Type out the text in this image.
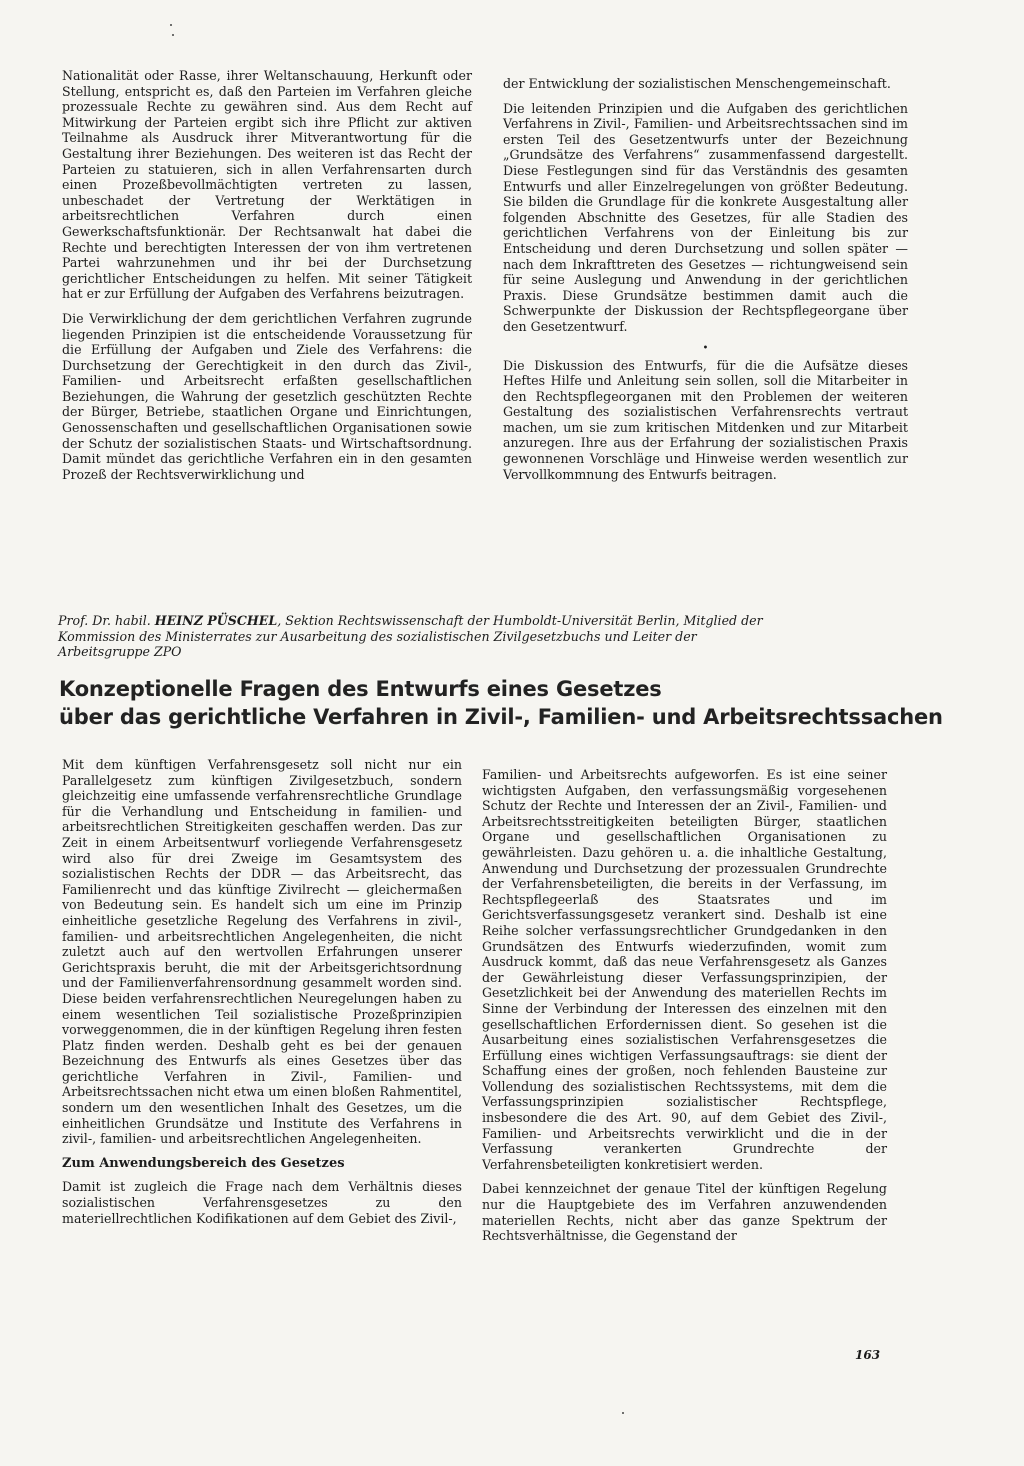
Nationalität oder Rasse, ihrer Weltanschauung, Herkunft oder Stellung, entspricht es, daß den Parteien im Verfahren gleiche prozessuale Rechte zu gewähren sind. Aus dem Recht auf Mitwirkung der Parteien ergibt sich ihre Pflicht zur aktiven Teilnahme als Ausdruck ihrer Mitverantwortung für die Gestaltung ihrer Beziehungen. Des weiteren ist das Recht der Parteien zu statuieren, sich in allen Verfahrensarten durch einen Prozeßbevollmächtigten vertreten zu lassen, unbeschadet der Vertretung der Werktätigen in arbeitsrechtlichen Verfahren durch einen Gewerkschaftsfunktionär. Der Rechtsanwalt hat dabei die Rechte und berechtigten Interessen der von ihm vertretenen Partei wahrzunehmen und ihr bei der Durchsetzung gerichtlicher Entscheidungen zu helfen. Mit seiner Tätigkeit hat er zur Erfüllung der Aufgaben des Verfahrens beizutragen.

Die Verwirklichung der dem gerichtlichen Verfahren zugrunde liegenden Prinzipien ist die entscheidende Voraussetzung für die Erfüllung der Aufgaben und Ziele des Verfahrens: die Durchsetzung der Gerechtigkeit in den durch das Zivil-, Familien- und Arbeitsrecht erfaßten gesellschaftlichen Beziehungen, die Wahrung der gesetzlich geschützten Rechte der Bürger, Betriebe, staatlichen Organe und Einrichtungen, Genossenschaften und gesellschaftlichen Organisationen sowie der Schutz der sozialistischen Staats- und Wirtschaftsordnung. Damit mündet das gerichtliche Verfahren ein in den gesamten Prozeß der Rechtsverwirklichung und

der Entwicklung der sozialistischen Menschengemeinschaft.

Die leitenden Prinzipien und die Aufgaben des gerichtlichen Verfahrens in Zivil-, Familien- und Arbeitsrechtssachen sind im ersten Teil des Gesetzentwurfs unter der Bezeichnung „Grundsätze des Verfahrens“ zusammenfassend dargestellt. Diese Festlegungen sind für das Verständnis des gesamten Entwurfs und aller Einzelregelungen von größter Bedeutung. Sie bilden die Grundlage für die konkrete Ausgestaltung aller folgenden Abschnitte des Gesetzes, für alle Stadien des gerichtlichen Verfahrens von der Einleitung bis zur Entscheidung und deren Durchsetzung und sollen später — nach dem Inkrafttreten des Gesetzes — richtungweisend sein für seine Auslegung und Anwendung in der gerichtlichen Praxis. Diese Grundsätze bestimmen damit auch die Schwerpunkte der Diskussion der Rechtspflegeorgane über den Gesetzentwurf.

•

Die Diskussion des Entwurfs, für die die Aufsätze dieses Heftes Hilfe und Anleitung sein sollen, soll die Mitarbeiter in den Rechtspflegeorganen mit den Problemen der weiteren Gestaltung des sozialistischen Verfahrensrechts vertraut machen, um sie zum kritischen Mitdenken und zur Mitarbeit anzuregen. Ihre aus der Erfahrung der sozialistischen Praxis gewonnenen Vorschläge und Hinweise werden wesentlich zur Vervollkommnung des Entwurfs beitragen.

Prof. Dr. habil. HEINZ PÜSCHEL, Sektion Rechtswissenschaft der Humboldt-Universität Berlin, Mitglied der Kommission des Ministerrates zur Ausarbeitung des sozialistischen Zivilgesetzbuchs und Leiter der Arbeitsgruppe ZPO
Konzeptionelle Fragen des Entwurfs eines Gesetzes
über das gerichtliche Verfahren in Zivil-, Familien- und Arbeitsrechtssachen

Mit dem künftigen Verfahrensgesetz soll nicht nur ein Parallelgesetz zum künftigen Zivilgesetzbuch, sondern gleichzeitig eine umfassende verfahrensrechtliche Grundlage für die Verhandlung und Entscheidung in familien- und arbeitsrechtlichen Streitigkeiten geschaffen werden. Das zur Zeit in einem Arbeitsentwurf vorliegende Verfahrensgesetz wird also für drei Zweige im Gesamtsystem des sozialistischen Rechts der DDR — das Arbeitsrecht, das Familienrecht und das künftige Zivilrecht — gleichermaßen von Bedeutung sein. Es handelt sich um eine im Prinzip einheitliche gesetzliche Regelung des Verfahrens in zivil-, familien- und arbeitsrechtlichen Angelegenheiten, die nicht zuletzt auch auf den wertvollen Erfahrungen unserer Gerichtspraxis beruht, die mit der Arbeitsgerichtsordnung und der Familienverfahrensordnung gesammelt worden sind. Diese beiden verfahrensrechtlichen Neuregelungen haben zu einem wesentlichen Teil sozialistische Prozeßprinzipien vorweggenommen, die in der künftigen Regelung ihren festen Platz finden werden. Deshalb geht es bei der genauen Bezeichnung des Entwurfs als eines Gesetzes über das gerichtliche Verfahren in Zivil-, Familien- und Arbeitsrechtssachen nicht etwa um einen bloßen Rahmentitel, sondern um den wesentlichen Inhalt des Gesetzes, um die einheitlichen Grundsätze und Institute des Verfahrens in zivil-, familien- und arbeitsrechtlichen Angelegenheiten.

Zum Anwendungsbereich des Gesetzes

Damit ist zugleich die Frage nach dem Verhältnis dieses sozialistischen Verfahrensgesetzes zu den materiellrechtlichen Kodifikationen auf dem Gebiet des Zivil-,

Familien- und Arbeitsrechts aufgeworfen. Es ist eine seiner wichtigsten Aufgaben, den verfassungsmäßig vorgesehenen Schutz der Rechte und Interessen der an Zivil-, Familien- und Arbeitsrechtsstreitigkeiten beteiligten Bürger, staatlichen Organe und gesellschaftlichen Organisationen zu gewährleisten. Dazu gehören u. a. die inhaltliche Gestaltung, Anwendung und Durchsetzung der prozessualen Grundrechte der Verfahrensbeteiligten, die bereits in der Verfassung, im Rechtspflegeerlaß des Staatsrates und im Gerichtsverfassungsgesetz verankert sind. Deshalb ist eine Reihe solcher verfassungsrechtlicher Grundgedanken in den Grundsätzen des Entwurfs wiederzufinden, womit zum Ausdruck kommt, daß das neue Verfahrensgesetz als Ganzes der Gewährleistung dieser Verfassungsprinzipien, der Gesetzlichkeit bei der Anwendung des materiellen Rechts im Sinne der Verbindung der Interessen des einzelnen mit den gesellschaftlichen Erfordernissen dient. So gesehen ist die Ausarbeitung eines sozialistischen Verfahrensgesetzes die Erfüllung eines wichtigen Verfassungsauftrags: sie dient der Schaffung eines der großen, noch fehlenden Bausteine zur Vollendung des sozialistischen Rechtssystems, mit dem die Verfassungsprinzipien sozialistischer Rechtspflege, insbesondere die des Art. 90, auf dem Gebiet des Zivil-, Familien- und Arbeitsrechts verwirklicht und die in der Verfassung verankerten Grundrechte der Verfahrensbeteiligten konkretisiert werden.

Dabei kennzeichnet der genaue Titel der künftigen Regelung nur die Hauptgebiete des im Verfahren anzuwendenden materiellen Rechts, nicht aber das ganze Spektrum der Rechtsverhältnisse, die Gegenstand der

163
